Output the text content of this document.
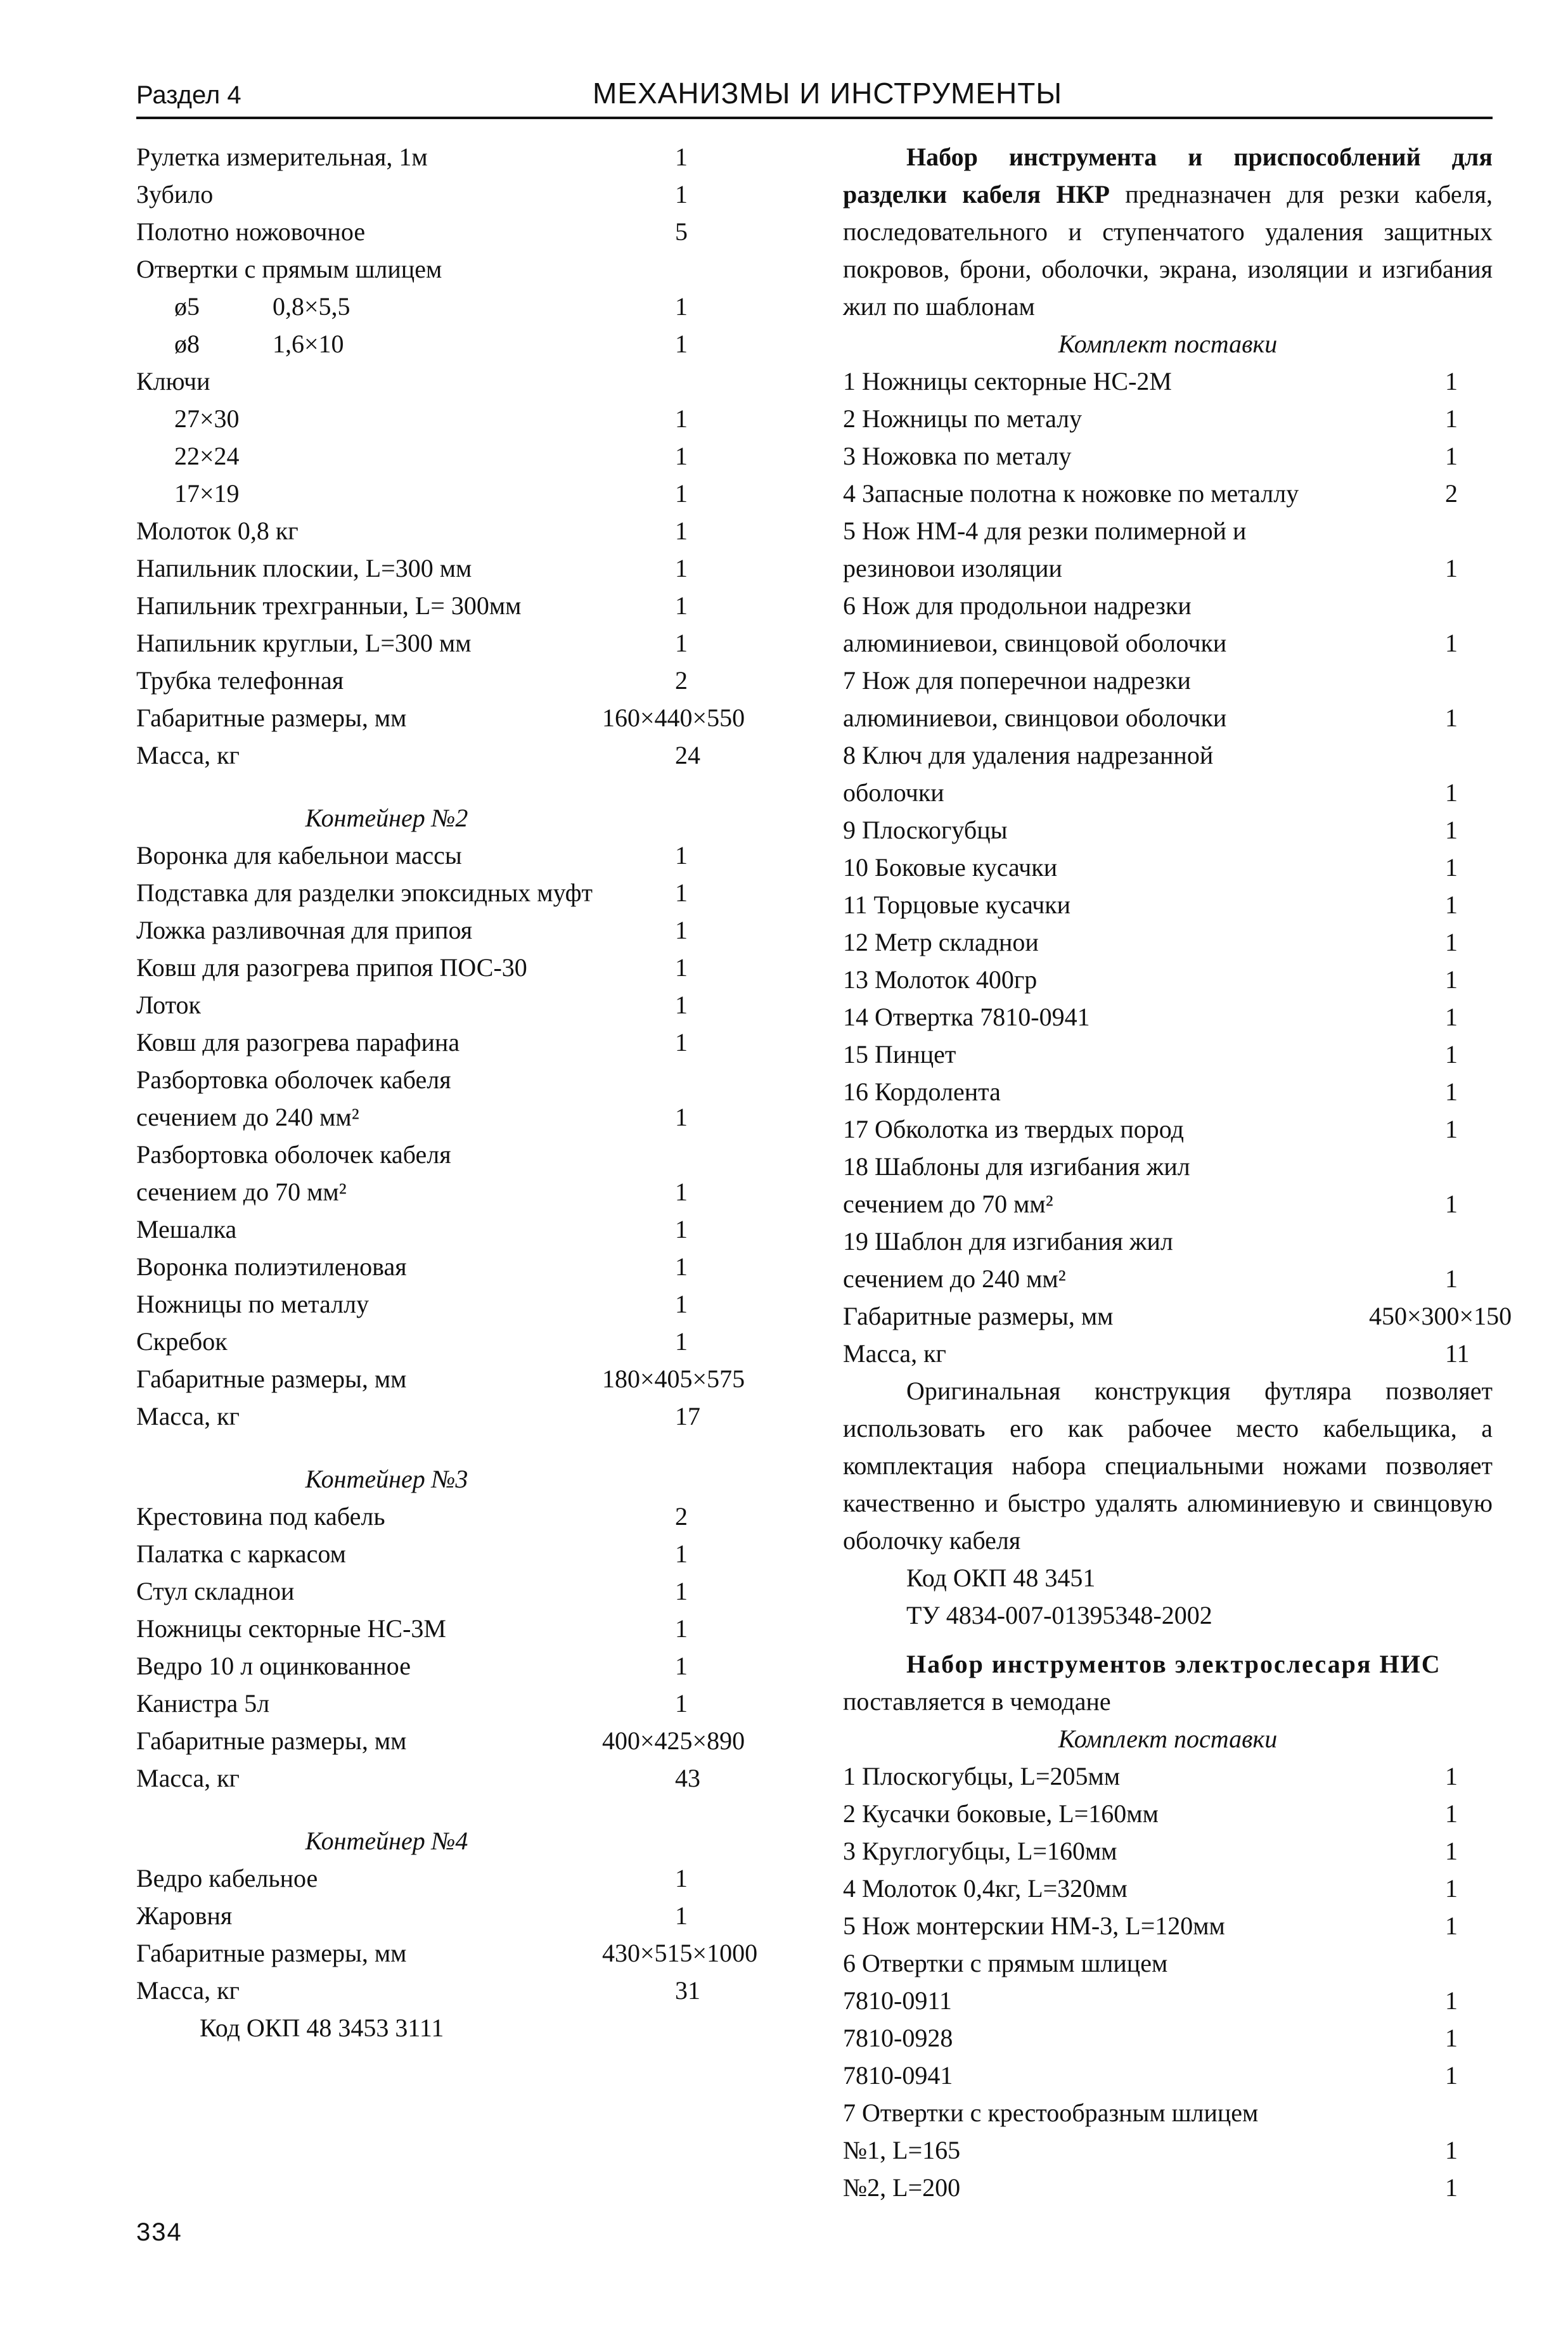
Раздел 4	МЕХАНИЗМЫ И ИНСТРУМЕНТЫ
Рулетка измерительная, 1м	1
Зубило	1
Полотно ножовочное	5
Отвертки с прямым шлицем
ø5	0,8×5,5	1
ø8	1,6×10	1
Ключи
27×30	1
22×24	1
17×19	1
Молоток 0,8 кг	1
Напильник плоскии, L=300 мм	1
Напильник трехгранныи, L= 300мм	1
Напильник круглыи, L=300 мм	1
Трубка телефонная	2
Габаритные размеры, мм	160×440×550
Масса, кг	24
Контейнер №2
Воронка для кабельнои массы	1
Подставка для разделки эпоксидных муфт	1
Ложка разливочная для припоя	1
Ковш для разогрева припоя ПОС-30	1
Лоток	1
Ковш для разогрева парафина	1
Разбортовка оболочек кабеля
сечением до 240 мм²	1
Разбортовка оболочек кабеля
сечением до 70 мм²	1
Мешалка	1
Воронка полиэтиленовая	1
Ножницы по металлу	1
Скребок	1
Габаритные размеры, мм	180×405×575
Масса, кг	17
Контейнер №3
Крестовина под кабель	2
Палатка с каркасом	1
Стул складнои	1
Ножницы секторные НС-3М	1
Ведро 10 л оцинкованное	1
Канистра 5л	1
Габаритные размеры, мм	400×425×890
Масса, кг	43
Контейнер №4
Ведро кабельное	1
Жаровня	1
Габаритные размеры, мм	430×515×1000
Масса, кг	31
Код ОКП 48 3453 3111
Набор инструмента и приспособлений для разделки кабеля НКР предназначен для резки кабеля, последовательного и ступенчатого удаления защитных покровов, брони, оболочки, экрана, изоляции и изгибания жил по шаблонам
Комплект поставки
1 Ножницы секторные НС-2М	1
2 Ножницы по металу	1
3 Ножовка по металу	1
4 Запасные полотна к ножовке по металлу	2
5 Нож НМ-4 для резки полимерной и
резиновои изоляции	1
6 Нож для продольнои надрезки
алюминиевои, свинцовой оболочки	1
7 Нож для поперечнои надрезки
алюминиевои, свинцовои оболочки	1
8 Ключ для удаления надрезанной
оболочки	1
9 Плоскогубцы	1
10 Боковые кусачки	1
11 Торцовые кусачки	1
12 Метр складнои	1
13 Молоток 400гр	1
14 Отвертка 7810-0941	1
15 Пинцет	1
16 Кордолента	1
17 Обколотка из твердых пород	1
18 Шаблоны для изгибания жил
сечением до 70 мм²	1
19 Шаблон для изгибания жил
сечением до 240 мм²	1
Габаритные размеры, мм	450×300×150
Масса, кг	11
Оригинальная конструкция футляра позволяет использовать его как рабочее место кабельщика, а комплектация набора специальными ножами позволяет качественно и быстро удалять алюминиевую и свинцовую оболочку кабеля
Код ОКП 48 3451
ТУ 4834-007-01395348-2002
Набор инструментов электрослесаря НИС
поставляется в чемодане
Комплект поставки
1 Плоскогубцы, L=205мм	1
2 Кусачки боковые, L=160мм	1
3 Круглогубцы, L=160мм	1
4 Молоток 0,4кг, L=320мм	1
5 Нож монтерскии НМ-3, L=120мм	1
6 Отвертки с прямым шлицем
7810-0911	1
7810-0928	1
7810-0941	1
7 Отвертки с крестообразным шлицем
№1, L=165	1
№2, L=200	1
334
